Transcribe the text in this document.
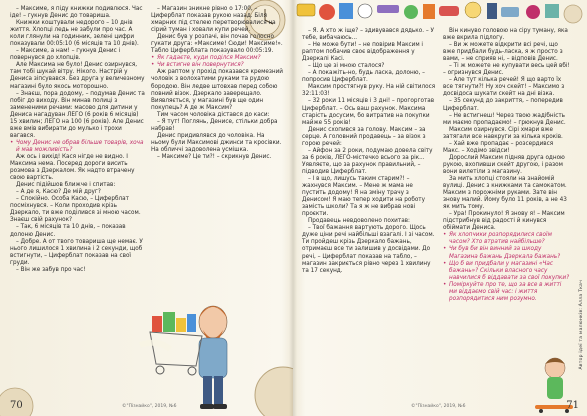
– Максиме, я піду книжки подивлюся. Час іде! – гукнув Денис до товариша.

Книжки коштували недорого – 10 днів життя. Хлопці ледь не забули про час. А коли глянули на годинник, зелені цифри показували 00:05:10 (6 місяців та 10 днів).

– Максиме, а нам! – гукнув Денис і повернувся до хлопців.

Але Максима не було! Денис озирнувся, там тобі шукай вітру. Нікого. Настрій у Дениса зіпсувався. Без друга у величезному магазині було якось моторошно.

– Знаєш, пора додому, – подумав Денис та побіг до виходу. Він минав полиці з замененими речами: масово для дитини у Дениса нагадуван ЛЕГО (6 років 6 місяців) 15 хвилин; ЛЕГО на 100 (6 років). Але Денис вже вмів вибирати до мулько і трохи вагався.

• Чому Денис не обрав більше товарів, хоча й мав можливість?

Аж ось і вихід! Кася нігде не видно. І Максима нема. Посеред дороги висить розмова з Дзеркалом. Як надто втрачену свою вартість.

Денис підійшов ближче і спитав:

– А де я, Касю? Де мій друг?

– Спокійно. Особа Касю, – Циферблат посміхнувся. – Коли проходив крізь Дзеркало, ти вже поділився зі мною часом. Знаєш свій рахунок?

– Так, 6 місяців та 10 днів, – показав долоню Денис.

– Добре. А от твого товариша ще немає. У нього лишилося 1 хвилина і 2 секунди, щоб встигнути, – Циферблат показав на свої груди.

– Він же забув про час!

– Магазин зникне рівно о 17:00, – Циферблат показав рукою назад. Біля хмарних під стелею перетворювалися на сірий туман і ховали купи речей.

Денис був у розпачі, він почав голосно гукати друга: «Максиме! Сюди! Максиме!». Табло Циферблата показувало 00:05:19.

• Як гадаєте, куди поділся Максим?

• Чи встигне він повернутися?

Аж раптом у прохід показався кремезний чоловік з волохатими руками та рудою бородою. Він ледве штовхав перед собою повний візок. Дзеркало заверещало. Виявляється, у магазині був ще один покупець? А де ж Максим?

Тим часом чоловіка дістався до каси:

– Я тут! Поглянь, Денисе, стільки добра набрав!

Денис придивлявся до чоловіка. На ньому були Максимові джинси та кросівки. На обличчі задоволена усмішка.

– Максиме? Це ти?! – скрикнув Денис.

©"Пізнайко", 2019, №6
70

– Я. А хто ж іще? – здивувався дядько. – У тебе, вибачаюсь...

– Не може бути! – не повірив Максим і раптом побачив своє відображення у Дзеркалі Касі.

– Що це зі мною сталося?

– А покажіть-но, будь ласка, долоню, – попросив Циферблат.

Максим простягнув руку. На ній світилося 32:11:03!

– 32 роки 11 місяців і 3 дні! – прогорготав Циферблат. – Ось ваш рахунок. Максима старість досусим, бо витратив на покупки майже 55 років!

Денис схопився за голову. Максим – за серце. А головний продавець – за візок з горою речей:

– Айфон за 2 роки, подумаю довела світу за 6 років, ЛЕГО-містечко всього за рік... Уявляєте, що за рахунок правильний, – підводив Циферблат.

– І в що, лишусь таким старим?! – жахнувся Максим. – Мене ж мама не пустить додому! Я на зміну трачу з Денисом! Я маю тепер ходити на роботу замість школи? Та я ж не вибрав нові проєкти.

Продавець невдоволено похитав:

– Твої бажання вартують дорого. Щось дуже ціни речі найбільші взагалі. І зі часом. Ти пройдеш крізь Дзеркало бажань, отримаєш все ти залишив у досвідами. До речі, – Циферблат показав на табло, – магазин закриється рівно через 1 хвилину та 17 секунд.

Він кинуво головою на сіру туману, яка вже вкрила підлогу.

– Ви ж можете відкрити всі речі, що вже придбали будь-ласка, я ж просто з вами, – не сприяв ні, – відповів Денис.

– Ті ж можете не купувати весь цей вбі! – огризнувся Денис.

– Але тут кілька речей! Я що варто їх все тягнути?! Ну хоч скейт! – Максимо з досвідоса шукати скейт на дні візка.

– 35 секунд до закриття, – попередив Циферблат.

– Не встигнеш! Через твою жадібність ми маємо пропадаємо! – грюкнув Денис.

Максим озирнувся. Сірі хмари вже затягали все навкруги за кілька кроків.

– Хай вже пропадає – розсердився Макс. – Ходімо звідси!

Дорослий Максим підняв друга одною рукою, вхопивши скейт другою, і разом вони вилетіли з магазину.

За мить хлопці стояли на знайомій вулиці. Денис з книжками та самокатом. Максим з порожніми руками. Зате він знову малий. Йому було 11 років, а не 43 як мить тому.

– Ура! Прокинуло! Я знову я! – Максим підстрибнув від радості й кинувся обіймати Дениса.

• Як хлопчики розпорядилися своїм часом? Хто втратив найбільше?

• Чи був би він винний за шкоду Магазина бажань Дзеркала бажань?

• Що б ви придбали у магазині «Час бажань»? Скільки власного часу навчилися б віддавати за свої покупки?

• Поміркуйте про те, що за все в житті ми віддаємо свій час: і життя розпорядитися ним розумно.	Автор ідеї та малюнків: Алла Ткач
©"Пізнайко", 2019, №6	71
